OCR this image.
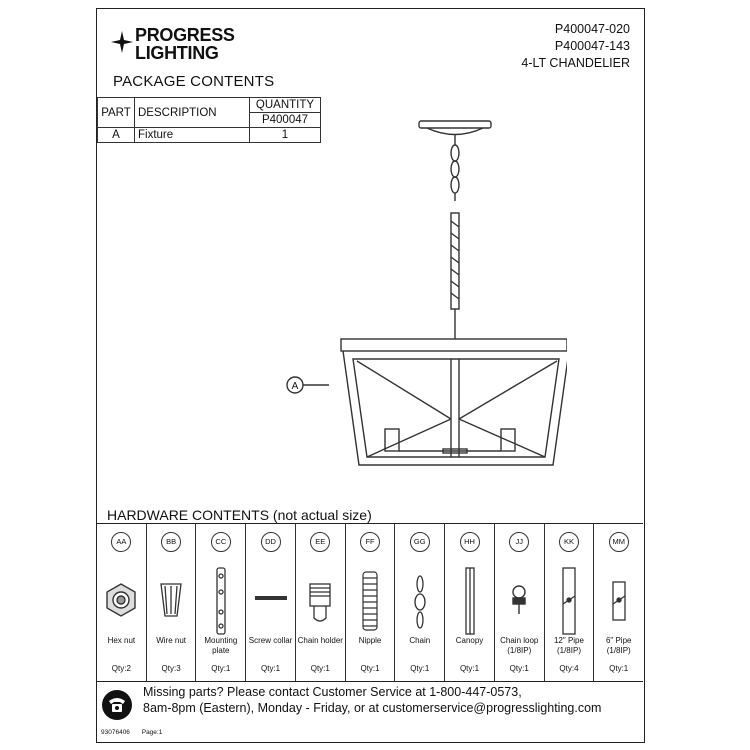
PROGRESS
LIGHTING
P400047-020
P400047-143
4-LT CHANDELIER
PACKAGE CONTENTS
PART	DESCRIPTION	QUANTITY
		P400047
A	Fixture	1
A
HARDWARE CONTENTS (not actual size)
AA
Hex nut
Qty:2
BB
Wire nut
Qty:3
CC
Mounting plate
Qty:1
DD
Screw collar
Qty:1
EE
Chain holder
Qty:1
FF
Nipple
Qty:1
GG
Chain
Qty:1
HH
Canopy
Qty:1
JJ
Chain loop
(1/8IP)
Qty:1
KK
12" Pipe
(1/8IP)
Qty:4
MM
6" Pipe
(1/8IP)
Qty:1
Missing parts? Please contact Customer Service at 1-800-447-0573,
8am-8pm (Eastern), Monday - Friday, or at customerservice@progresslighting.com
93076406 Page:1
